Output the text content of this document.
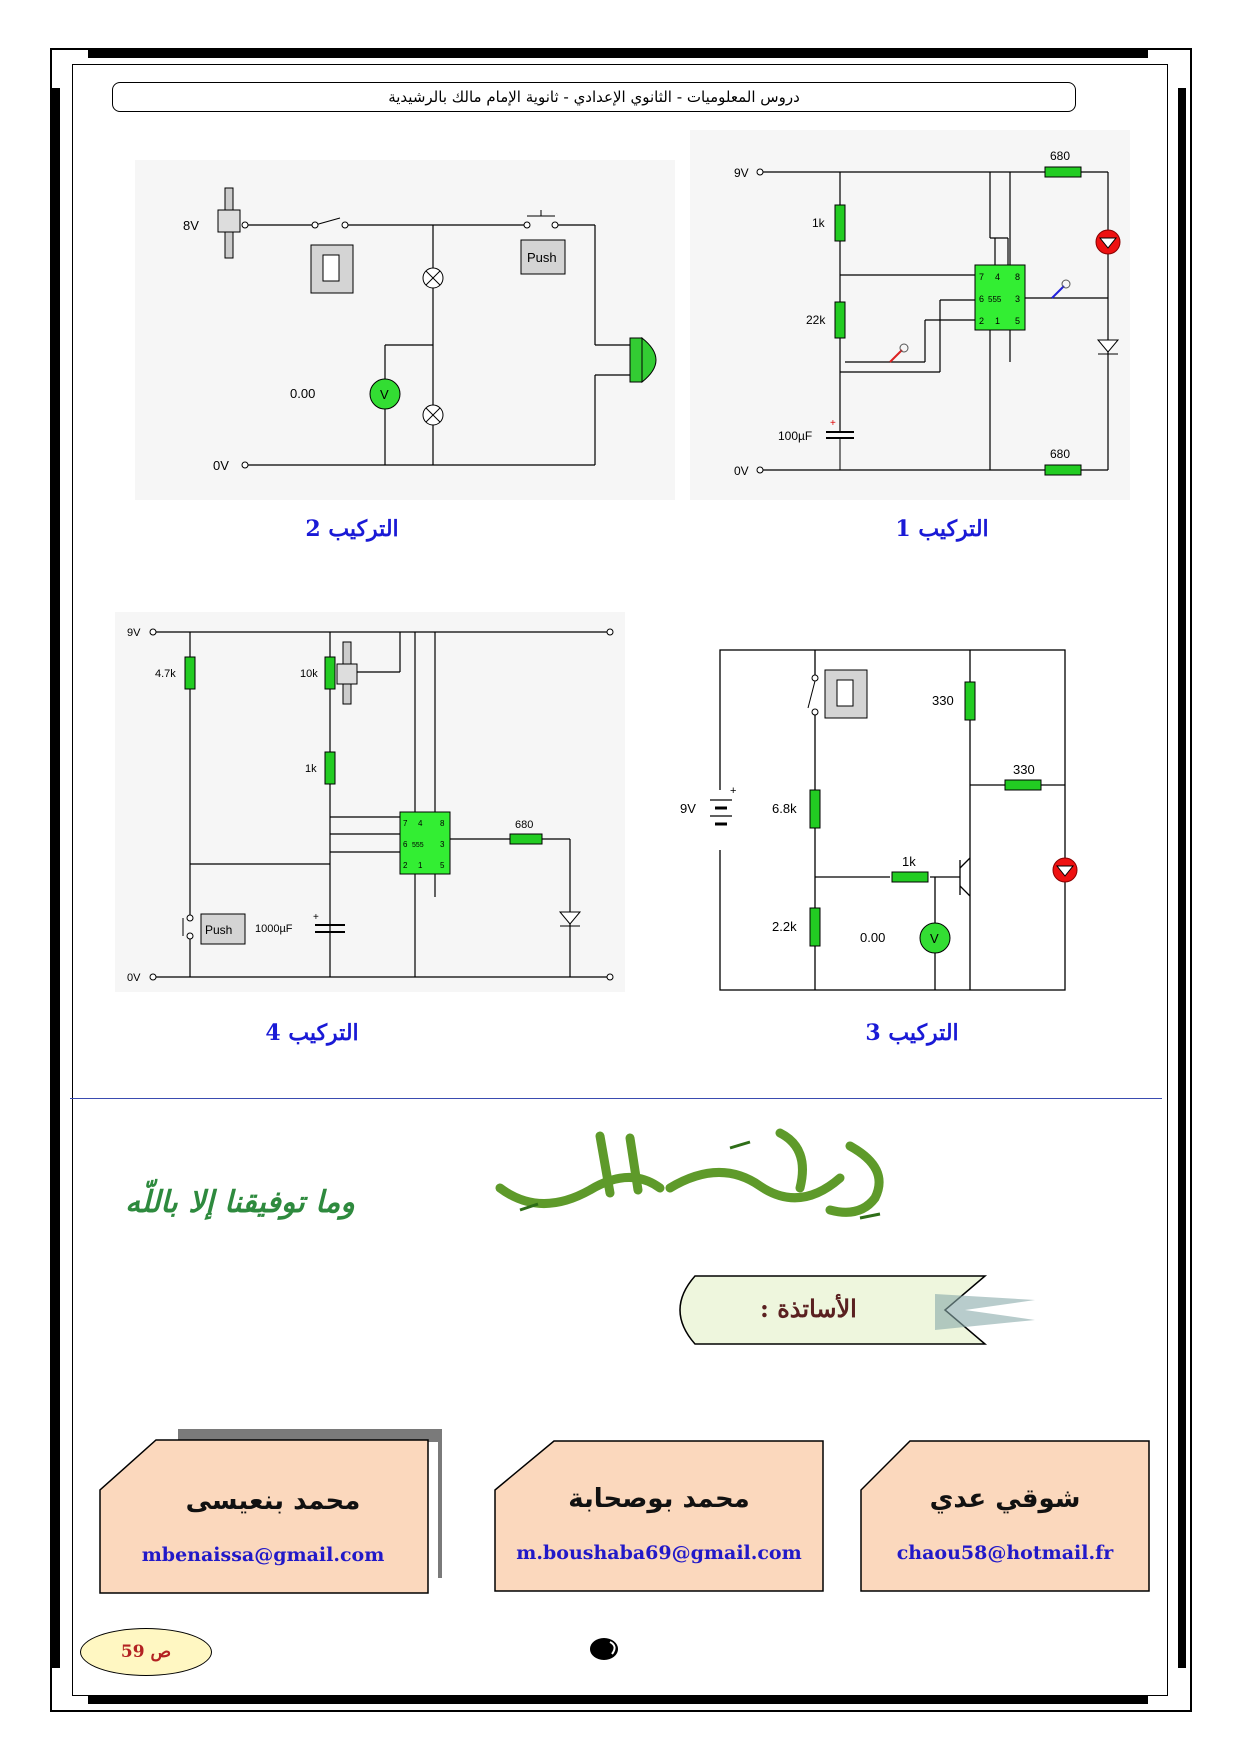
دروس المعلوميات - الثانوي الإعدادي - ثانوية الإمام مالك بالرشيدية
9V
0V
1k
22k
680
680
+
100µF
7 4 8
6 555 3
2 1 5
التركيب 1
8V
0V
Push
V
0.00
التركيب 2
+
9V	6.8k
2.2k
1k
330
330
V
0.00
التركيب 3
9V
0V
4.7k	10k
1k
680
7 4 8
6 555 3
2 1 5
+
1000µF
Push
التركيب 4
وما توفيقنا إلا باللّه
الأساتذة :
شوقي عدي
chaou58@hotmail.fr
محمد بوصحابة
m.boushaba69@gmail.com
محمد بنعيسى
mbenaissa@gmail.com
ص 59
